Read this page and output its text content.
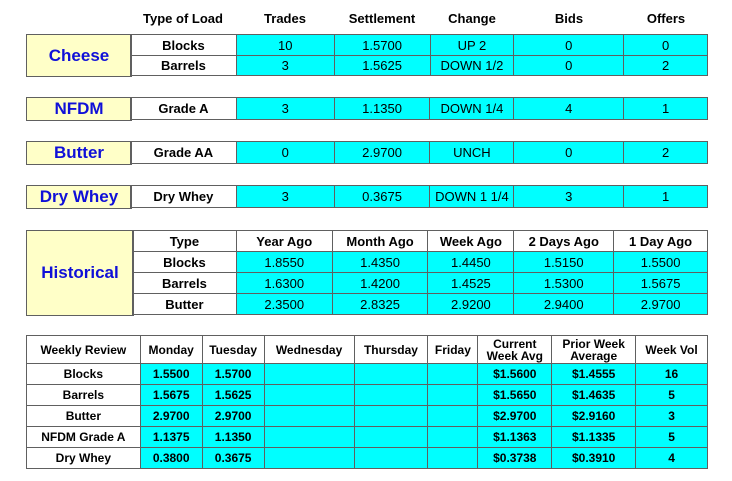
Type of Load	Trades	Settlement	Change	Bids	Offers
Cheese
Blocks	10	1.5700	UP 2	0	0
Barrels	3	1.5625	DOWN 1/2	0	2
NFDM	Grade A	3	1.1350	DOWN 1/4	4	1
Butter	Grade AA	0	2.9700	UNCH	0	2
Dry Whey	Dry Whey	3	0.3675	DOWN 1 1/4	3	1
Historical
Type	Year Ago	Month Ago	Week Ago	2 Days Ago	1 Day Ago
Blocks	1.8550	1.4350	1.4450	1.5150	1.5500
Barrels	1.6300	1.4200	1.4525	1.5300	1.5675
Butter	2.3500	2.8325	2.9200	2.9400	2.9700
Weekly Review	Monday	Tuesday	Wednesday	Thursday	Friday	Current Week Avg	Prior Week Average	Week Vol
Blocks	1.5500	1.5700				$1.5600	$1.4555	16
Barrels	1.5675	1.5625				$1.5650	$1.4635	5
Butter	2.9700	2.9700				$2.9700	$2.9160	3
NFDM Grade A	1.1375	1.1350				$1.1363	$1.1335	5
Dry Whey	0.3800	0.3675				$0.3738	$0.3910	4
